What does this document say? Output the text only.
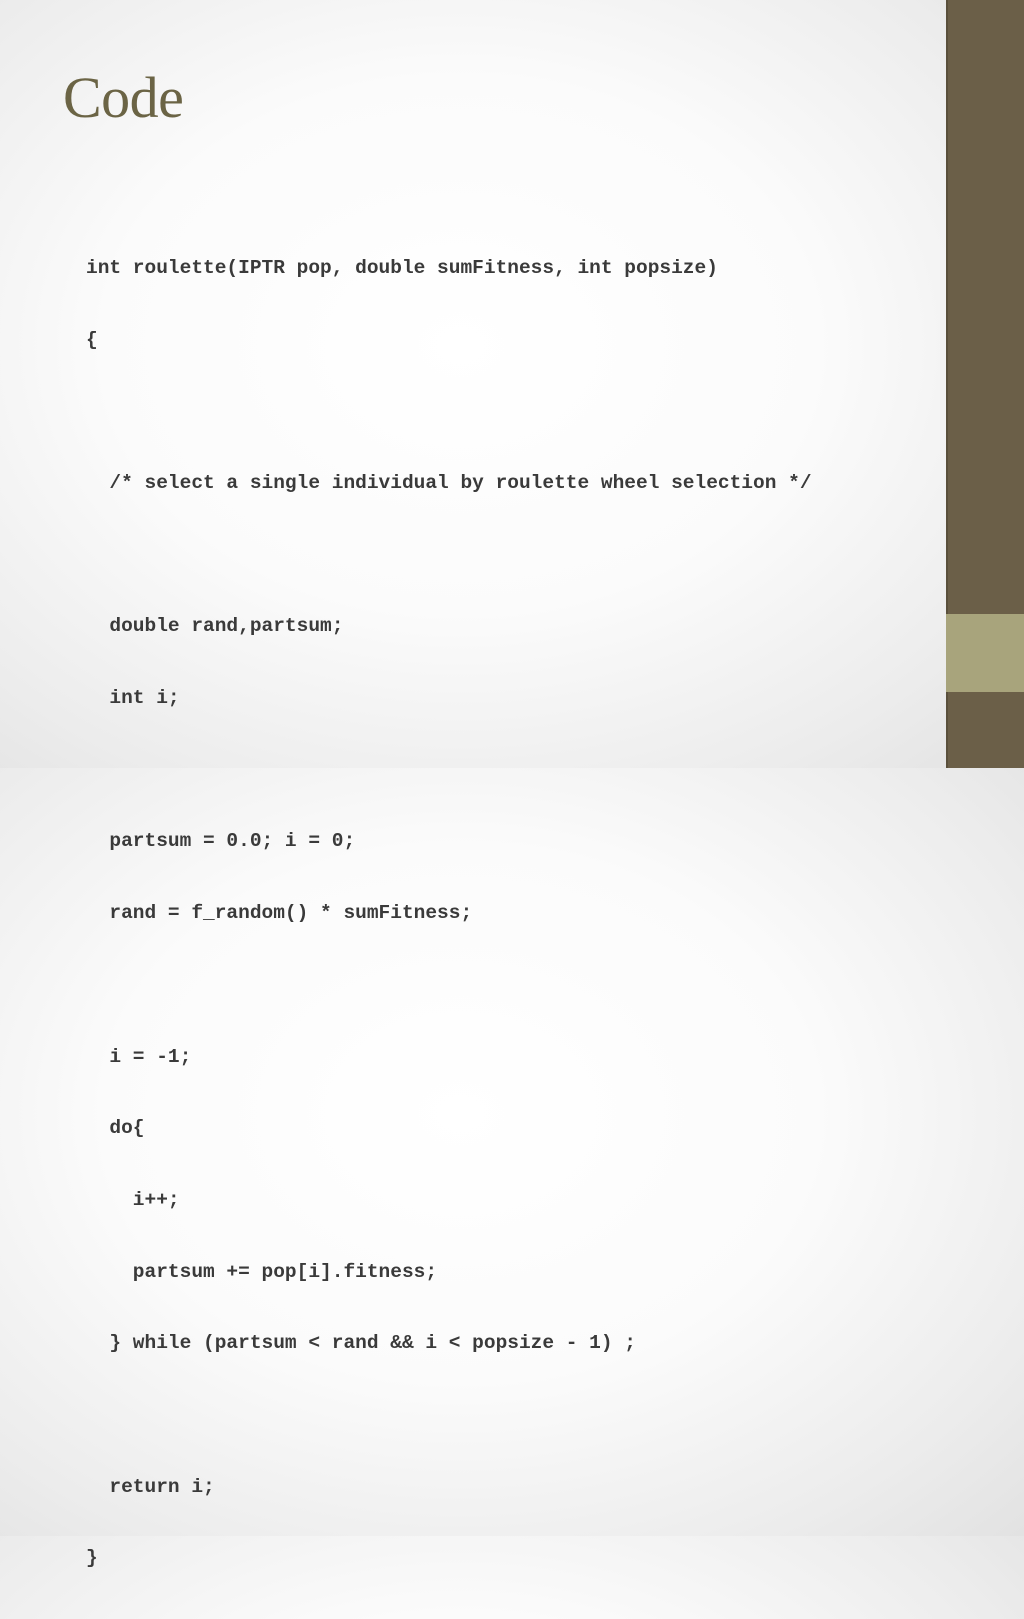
Code

int roulette(IPTR pop, double sumFitness, int popsize)

{

/* select a single individual by roulette wheel selection */

double rand,partsum;

int i;

partsum = 0.0; i = 0;

rand = f_random() * sumFitness;

i = -1;

do{

i++;

partsum += pop[i].fitness;

} while (partsum < rand && i < popsize - 1) ;

return i;

}
